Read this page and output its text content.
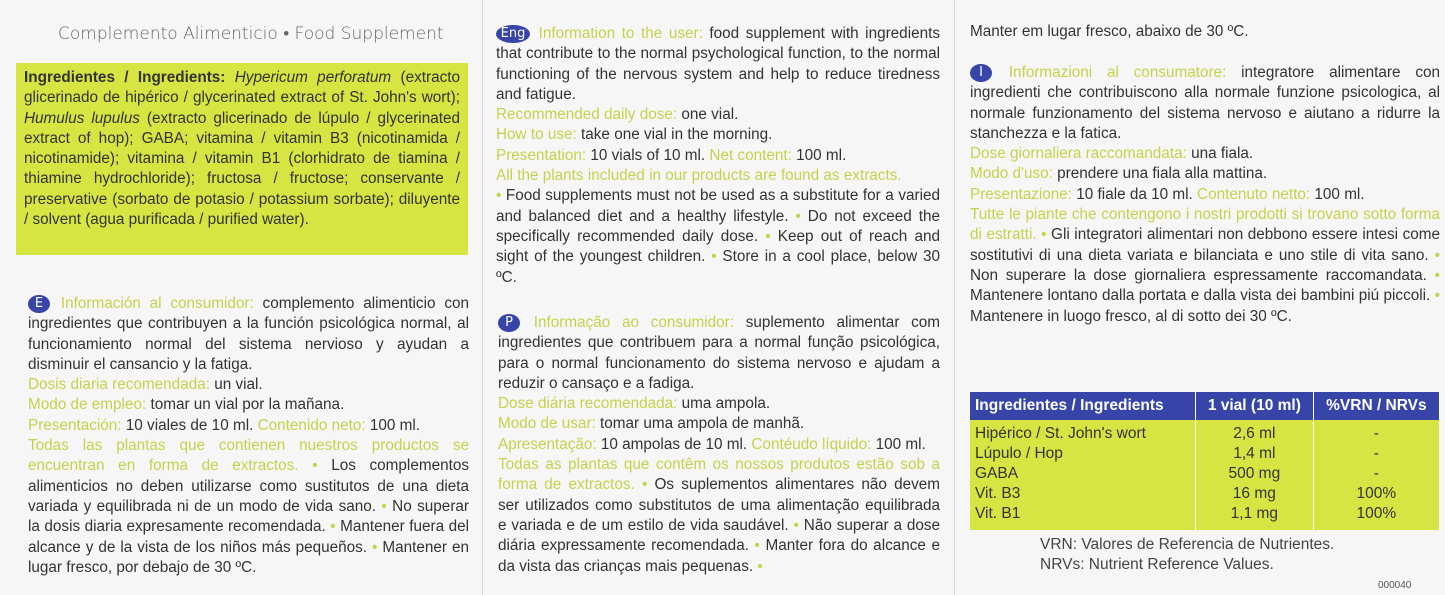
Complemento Alimenticio • Food Supplement
Ingredientes / Ingredients: Hypericum perforatum (extracto glicerinado de hipérico / glycerinated extract of St. John's wort); Humulus lupulus (extracto glicerinado de lúpulo / glycerinated extract of hop); GABA; vitamina / vitamin B3 (nicotinamida / nicotinamide); vitamina / vitamin B1 (clorhidrato de tiamina / thiamine hydrochloride); fructosa / fructose; conservante / preservative (sorbato de potasio / potassium sorbate); diluyente / solvent (agua purificada / purified water).
E Información al consumidor: complemento alimenticio con ingredientes que contribuyen a la función psicológica normal, al funcionamiento normal del sistema nervioso y ayudan a disminuir el cansancio y la fatiga.
Dosis diaria recomendada: un vial.
Modo de empleo: tomar un vial por la mañana.
Presentación: 10 viales de 10 ml. Contenido neto: 100 ml.
Todas las plantas que contienen nuestros productos se encuentran en forma de extractos. • Los complementos alimenticios no deben utilizarse como sustitutos de una dieta variada y equilibrada ni de un modo de vida sano. • No superar la dosis diaria expresamente recomendada. • Mantener fuera del alcance y de la vista de los niños más pequeños. • Mantener en lugar fresco, por debajo de 30 ºC.
Eng Information to the user: food supplement with ingredients that contribute to the normal psychological function, to the normal functioning of the nervous system and help to reduce tiredness and fatigue.
Recommended daily dose: one vial.
How to use: take one vial in the morning.
Presentation: 10 vials of 10 ml. Net content: 100 ml.
All the plants included in our products are found as extracts.
• Food supplements must not be used as a substitute for a varied and balanced diet and a healthy lifestyle. • Do not exceed the specifically recommended daily dose. • Keep out of reach and sight of the youngest children. • Store in a cool place, below 30 ºC.
P Informação ao consumidor: suplemento alimentar com ingredientes que contribuem para a normal função psicológica, para o normal funcionamento do sistema nervoso e ajudam a reduzir o cansaço e a fadiga.
Dose diária recomendada: uma ampola.
Modo de usar: tomar uma ampola de manhã.
Apresentação: 10 ampolas de 10 ml. Contéudo líquido: 100 ml.
Todas as plantas que contêm os nossos produtos estão sob a forma de extractos. • Os suplementos alimentares não devem ser utilizados como substitutos de uma alimentação equilibrada e variada e de um estilo de vida saudável. • Não superar a dose diária expressamente recomendada. • Manter fora do alcance e da vista das crianças mais pequenas. •
Manter em lugar fresco, abaixo de 30 ºC.
I Informazioni al consumatore: integratore alimentare con ingredienti che contribuiscono alla normale funzione psicologica, al normale funzionamento del sistema nervoso e aiutano a ridurre la stanchezza e la fatica.
Dose giornaliera raccomandata: una fiala.
Modo d'uso: prendere una fiala alla mattina.
Presentazione: 10 fiale da 10 ml. Contenuto netto: 100 ml.
Tutte le piante che contengono i nostri prodotti si trovano sotto forma di estratti. • Gli integratori alimentari non debbono essere intesi come sostitutivi di una dieta variata e bilanciata e uno stile di vita sano. • Non superare la dose giornaliera espressamente raccomandata. • Mantenere lontano dalla portata e dalla vista dei bambini piú piccoli. • Mantenere in luogo fresco, al di sotto dei 30 ºC.
Ingredientes / Ingredients	1 vial (10 ml)	%VRN / NRVs
Hipérico / St. John's wort	2,6 ml	-
Lúpulo / Hop	1,4 ml	-
GABA	500 mg	-
Vit. B3	16 mg	100%
Vit. B1	1,1 mg	100%
VRN: Valores de Referencia de Nutrientes.
NRVs: Nutrient Reference Values.
000040
